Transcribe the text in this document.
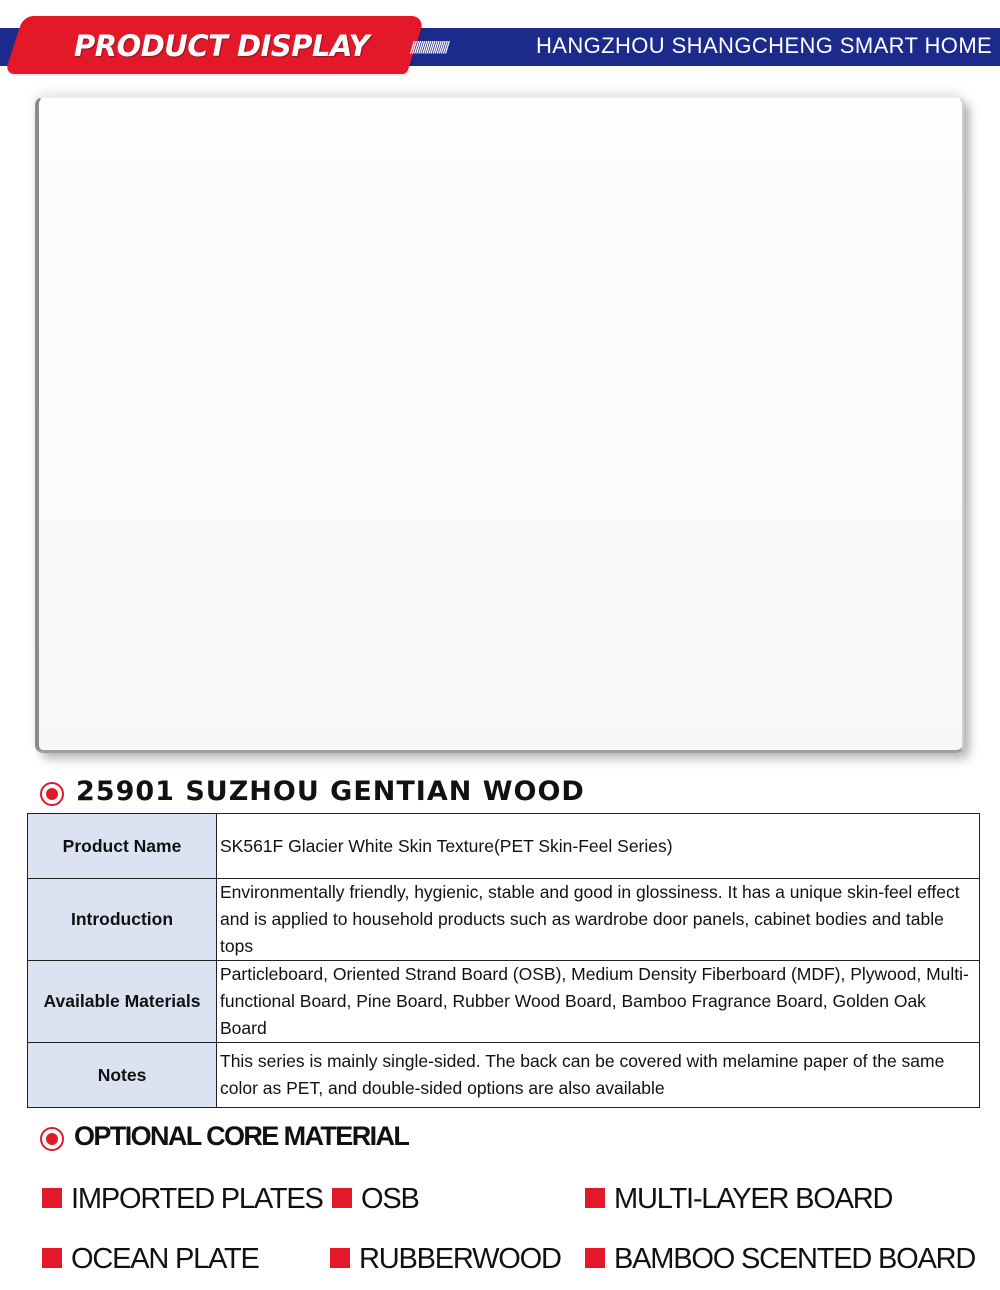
PRODUCT DISPLAY	//////////////////	HANGZHOU SHANGCHENG SMART HOME
25901 SUZHOU GENTIAN WOOD
Product Name	SK561F Glacier White Skin Texture(PET Skin-Feel Series)
Introduction	Environmentally friendly, hygienic, stable and good in glossiness. It has a unique skin-feel effect and is applied to household products such as wardrobe door panels, cabinet bodies and table tops
Available Materials	Particleboard, Oriented Strand Board (OSB), Medium Density Fiberboard (MDF), Plywood, Multi-functional Board, Pine Board, Rubber Wood Board, Bamboo Fragrance Board, Golden Oak Board
Notes	This series is mainly single-sided. The back can be covered with melamine paper of the same color as PET, and double-sided options are also available
OPTIONAL CORE MATERIAL
IMPORTED PLATES	OSB	MULTI-LAYER BOARD
OCEAN PLATE	RUBBERWOOD	BAMBOO SCENTED BOARD
